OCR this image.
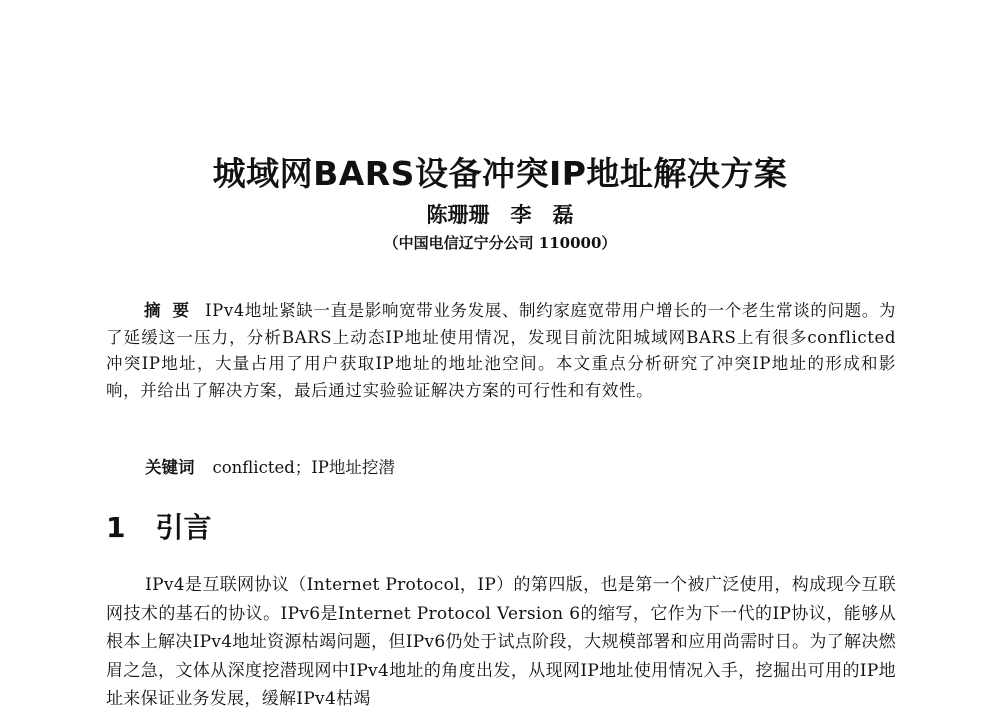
城域网BARS设备冲突IP地址解决方案

陈珊珊　李　磊

（中国电信辽宁分公司 110000）

摘要 IPv4地址紧缺一直是影响宽带业务发展、制约家庭宽带用户增长的一个老生常谈的问题。为了延缓这一压力，分析BARS上动态IP地址使用情况，发现目前沈阳城域网BARS上有很多conflicted 冲突IP地址，大量占用了用户获取IP地址的地址池空间。本文重点分析研究了冲突IP地址的形成和影响，并给出了解决方案，最后通过实验验证解决方案的可行性和有效性。

关键词 conflicted；IP地址挖潜

1 引言

IPv4是互联网协议（Internet Protocol，IP）的第四版，也是第一个被广泛使用，构成现今互联网技术的基石的协议。IPv6是Internet Protocol Version 6的缩写，它作为下一代的IP协议，能够从根本上解决IPv4地址资源枯竭问题，但IPv6仍处于试点阶段，大规模部署和应用尚需时日。为了解决燃眉之急，文体从深度挖潜现网中IPv4地址的角度出发，从现网IP地址使用情况入手，挖掘出可用的IP地址来保证业务发展，缓解IPv4枯竭
